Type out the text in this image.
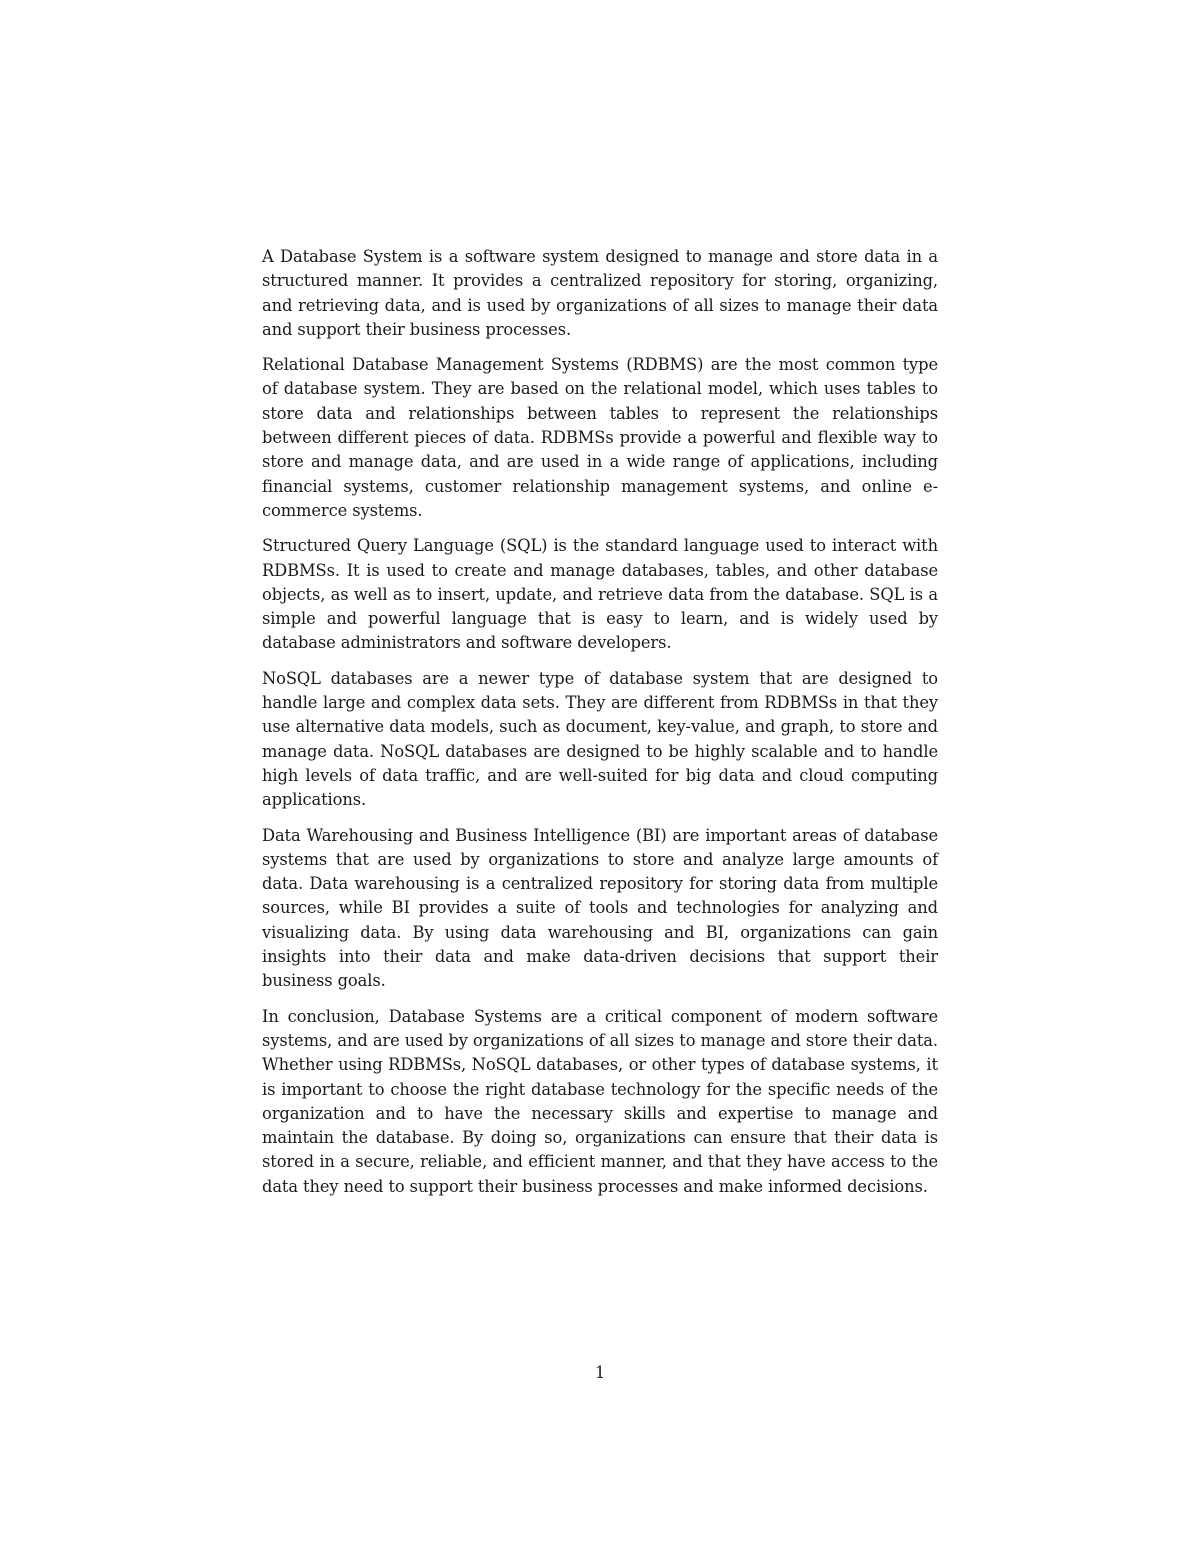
A Database System is a software system designed to manage and store data in a structured manner. It provides a centralized repository for storing, organizing, and retrieving data, and is used by organizations of all sizes to manage their data and support their business processes.

Relational Database Management Systems (RDBMS) are the most common type of database system. They are based on the relational model, which uses tables to store data and relationships between tables to represent the relationships between different pieces of data. RDBMSs provide a powerful and flexible way to store and manage data, and are used in a wide range of applications, including financial systems, customer relationship management systems, and online e-commerce systems.

Structured Query Language (SQL) is the standard language used to interact with RDBMSs. It is used to create and manage databases, tables, and other database objects, as well as to insert, update, and retrieve data from the database. SQL is a simple and powerful language that is easy to learn, and is widely used by database administrators and software developers.

NoSQL databases are a newer type of database system that are designed to handle large and complex data sets. They are different from RDBMSs in that they use alternative data models, such as document, key-value, and graph, to store and manage data. NoSQL databases are designed to be highly scalable and to handle high levels of data traffic, and are well-suited for big data and cloud computing applications.

Data Warehousing and Business Intelligence (BI) are important areas of database systems that are used by organizations to store and analyze large amounts of data. Data warehousing is a centralized repository for storing data from multiple sources, while BI provides a suite of tools and technologies for analyzing and visualizing data. By using data warehousing and BI, organizations can gain insights into their data and make data-driven decisions that support their business goals.

In conclusion, Database Systems are a critical component of modern software systems, and are used by organizations of all sizes to manage and store their data. Whether using RDBMSs, NoSQL databases, or other types of database systems, it is important to choose the right database technology for the specific needs of the organization and to have the necessary skills and expertise to manage and maintain the database. By doing so, organizations can ensure that their data is stored in a secure, reliable, and efficient manner, and that they have access to the data they need to support their business processes and make informed decisions.

1
